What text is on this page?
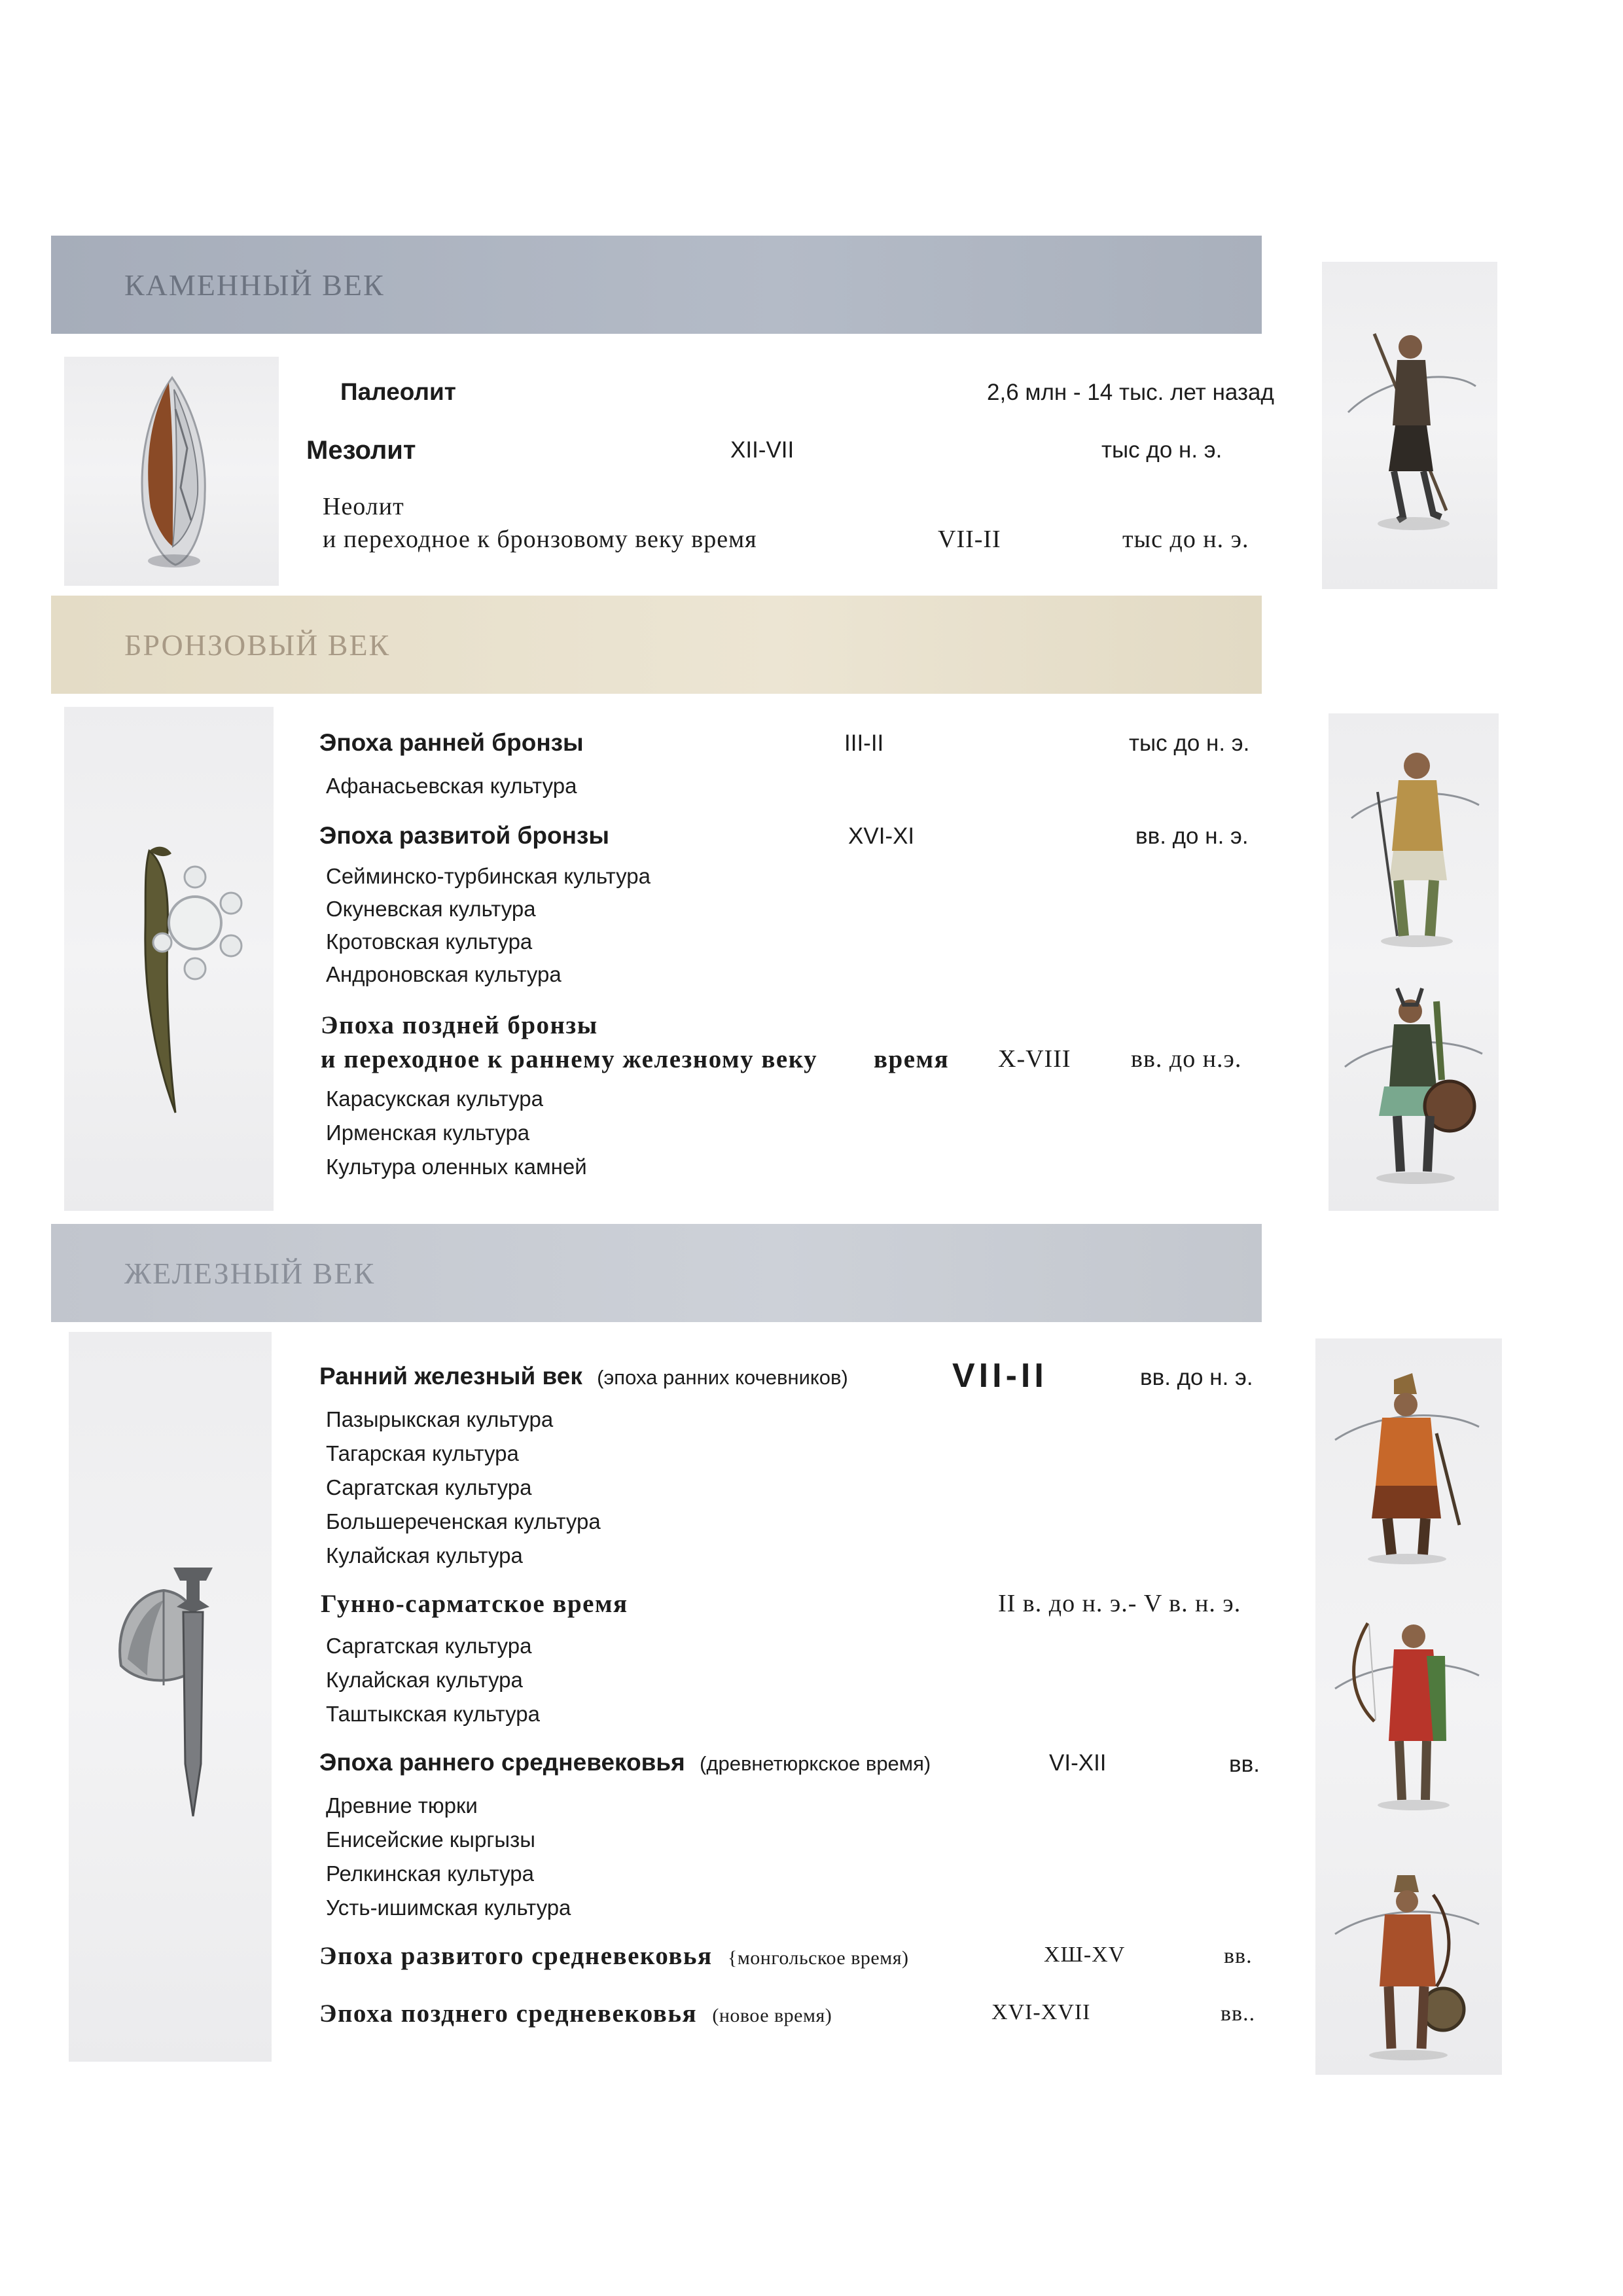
КАМЕННЫЙ ВЕК
Палеолит	2,6 млн - 14 тыс. лет назад
Мезолит	XII-VII	тыс до н. э.
Неолит
и переходное к бронзовому веку время	VII-II	тыс до н. э.
БРОНЗОВЫЙ ВЕК
Эпоха ранней бронзы	III-II	тыс до н. э.
Афанасьевская культура
Эпоха развитой бронзы	XVI-XI	вв. до н. э.
Сейминско-турбинская культура
Окуневская культура
Кротовская культура
Андроновская культура
Эпоха поздней бронзы
и переходное к раннему железному веку время X-VIII вв. до н.э.
Карасукская культура
Ирменская культура
Культура оленных камней
ЖЕЛЕЗНЫЙ ВЕК
Ранний железный век (эпоха ранних кочевников)	VII-II	вв. до н. э.
Пазырыкская культура
Тагарская культура
Саргатская культура
Большереченская культура
Кулайская культура
Гунно-сарматское время	II в. до н. э.- V в. н. э.
Саргатская культура
Кулайская культура
Таштыкская культура
Эпоха раннего средневековья (древнетюркское время)	VI-XII	вв.
Древние тюрки
Енисейские кыргызы
Релкинская культура
Усть-ишимская культура
Эпоха развитого средневековья {монгольское время)	XШ-XV	вв.
Эпоха позднего средневековья (новое время)	XVI-XVII	вв..
